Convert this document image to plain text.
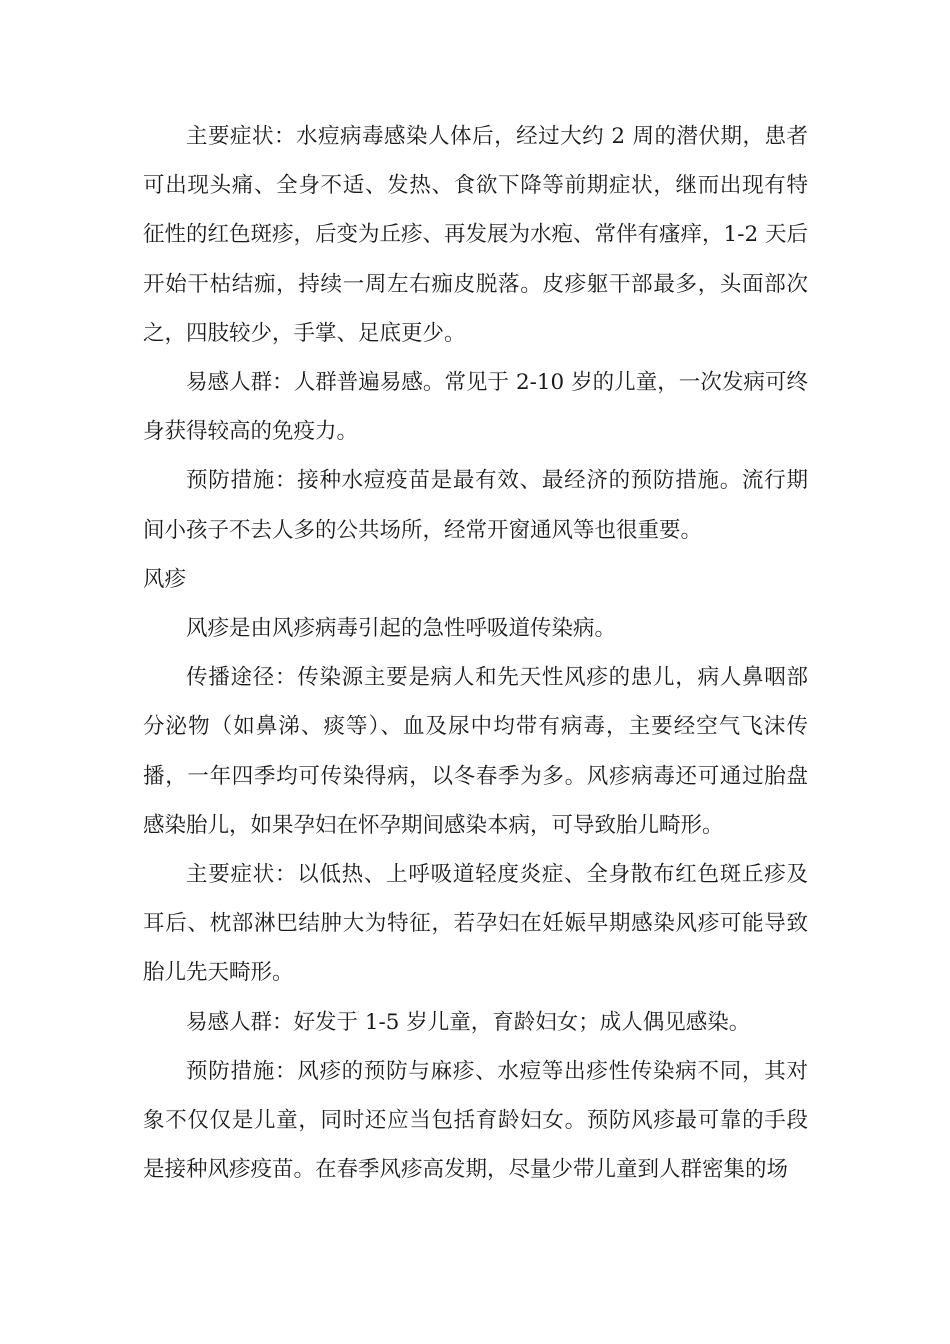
主要症状：水痘病毒感染人体后，经过大约 2 周的潜伏期，患者可出现头痛、全身不适、发热、食欲下降等前期症状，继而出现有特征性的红色斑疹，后变为丘疹、再发展为水疱、常伴有瘙痒，1-2 天后开始干枯结痂，持续一周左右痂皮脱落。皮疹躯干部最多，头面部次之，四肢较少，手掌、足底更少。

易感人群：人群普遍易感。常见于 2-10 岁的儿童，一次发病可终身获得较高的免疫力。

预防措施：接种水痘疫苗是最有效、最经济的预防措施。流行期间小孩子不去人多的公共场所，经常开窗通风等也很重要。

风疹

风疹是由风疹病毒引起的急性呼吸道传染病。

传播途径：传染源主要是病人和先天性风疹的患儿，病人鼻咽部分泌物（如鼻涕、痰等）、血及尿中均带有病毒，主要经空气飞沫传播，一年四季均可传染得病，以冬春季为多。风疹病毒还可通过胎盘感染胎儿，如果孕妇在怀孕期间感染本病，可导致胎儿畸形。

主要症状：以低热、上呼吸道轻度炎症、全身散布红色斑丘疹及耳后、枕部淋巴结肿大为特征，若孕妇在妊娠早期感染风疹可能导致胎儿先天畸形。

易感人群：好发于 1-5 岁儿童，育龄妇女；成人偶见感染。

预防措施：风疹的预防与麻疹、水痘等出疹性传染病不同，其对象不仅仅是儿童，同时还应当包括育龄妇女。预防风疹最可靠的手段是接种风疹疫苗。在春季风疹高发期，尽量少带儿童到人群密集的场
